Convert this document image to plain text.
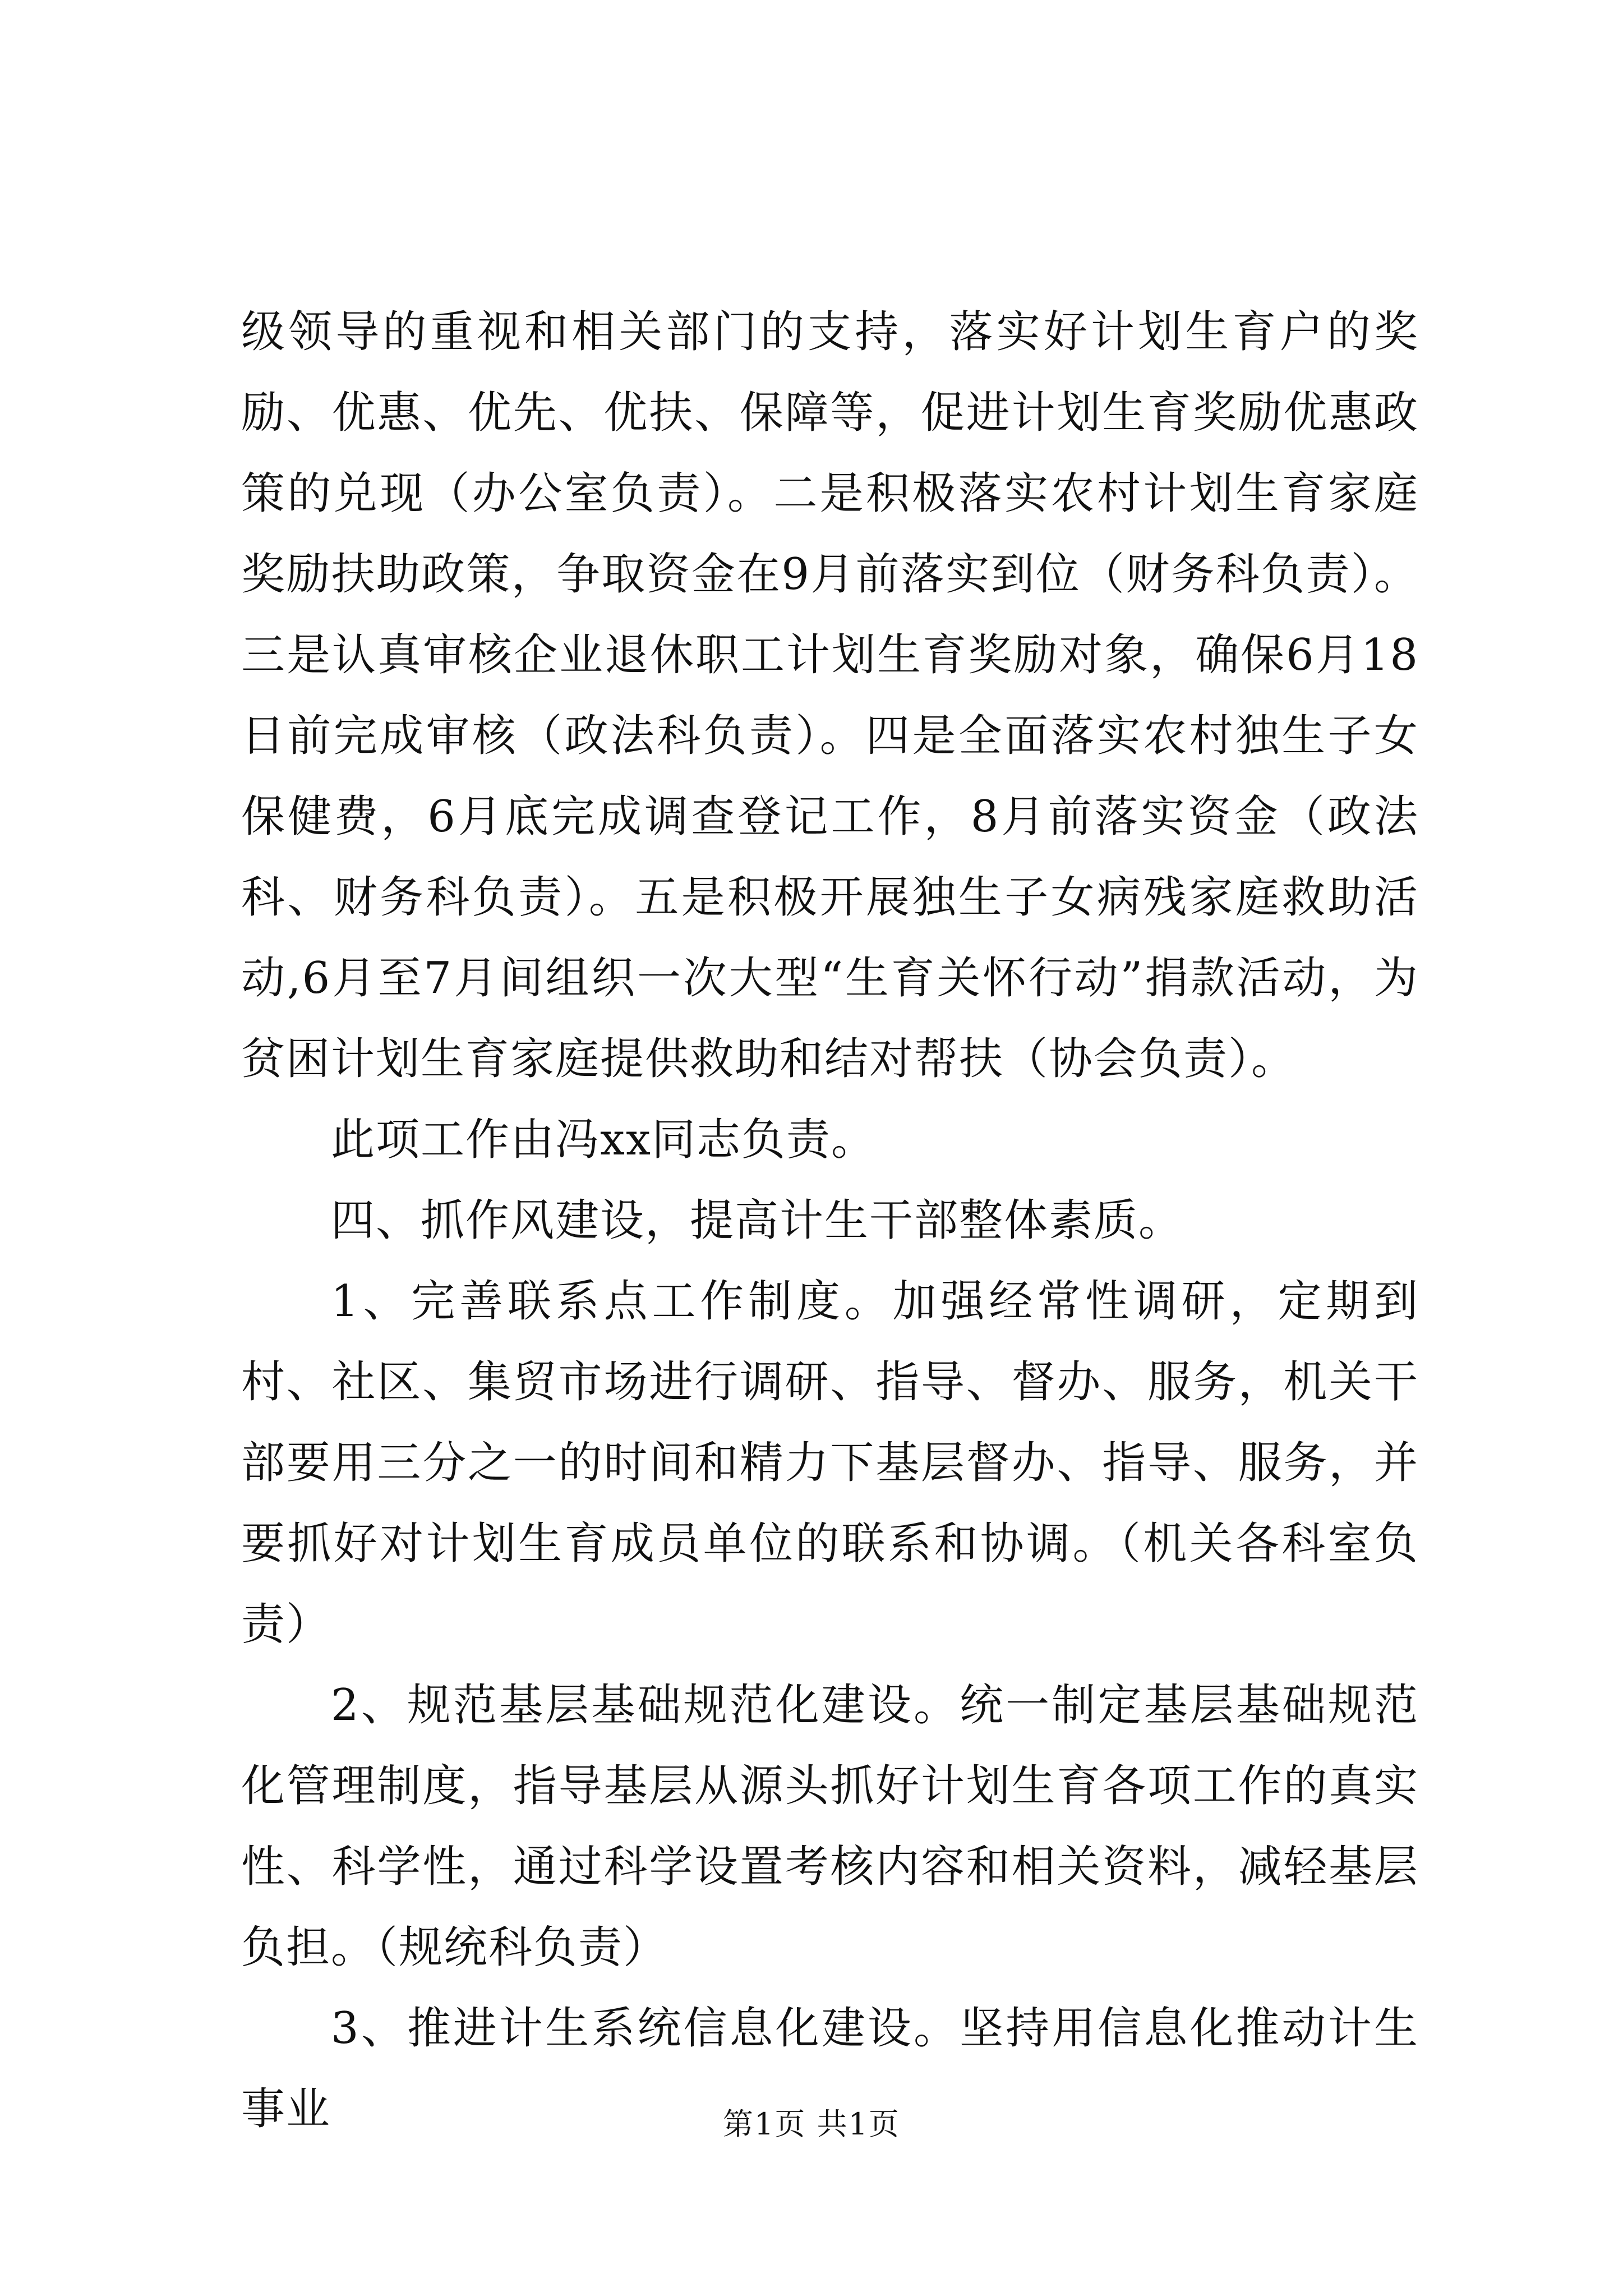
级领导的重视和相关部门的支持，落实好计划生育户的奖励、优惠、优先、优扶、保障等，促进计划生育奖励优惠政策的兑现（办公室负责）。二是积极落实农村计划生育家庭奖励扶助政策，争取资金在9月前落实到位（财务科负责）。三是认真审核企业退休职工计划生育奖励对象，确保6月18日前完成审核（政法科负责）。四是全面落实农村独生子女保健费，6月底完成调查登记工作，8月前落实资金（政法科、财务科负责）。五是积极开展独生子女病残家庭救助活动,6月至7月间组织一次大型“生育关怀行动”捐款活动，为贫困计划生育家庭提供救助和结对帮扶（协会负责）。

此项工作由冯xx同志负责。

四、抓作风建设，提高计生干部整体素质。

1、完善联系点工作制度。加强经常性调研，定期到村、社区、集贸市场进行调研、指导、督办、服务，机关干部要用三分之一的时间和精力下基层督办、指导、服务，并要抓好对计划生育成员单位的联系和协调。（机关各科室负责）

2、规范基层基础规范化建设。统一制定基层基础规范化管理制度，指导基层从源头抓好计划生育各项工作的真实性、科学性，通过科学设置考核内容和相关资料，减轻基层负担。（规统科负责）

3、推进计生系统信息化建设。坚持用信息化推动计生事业	第1页 共1页
